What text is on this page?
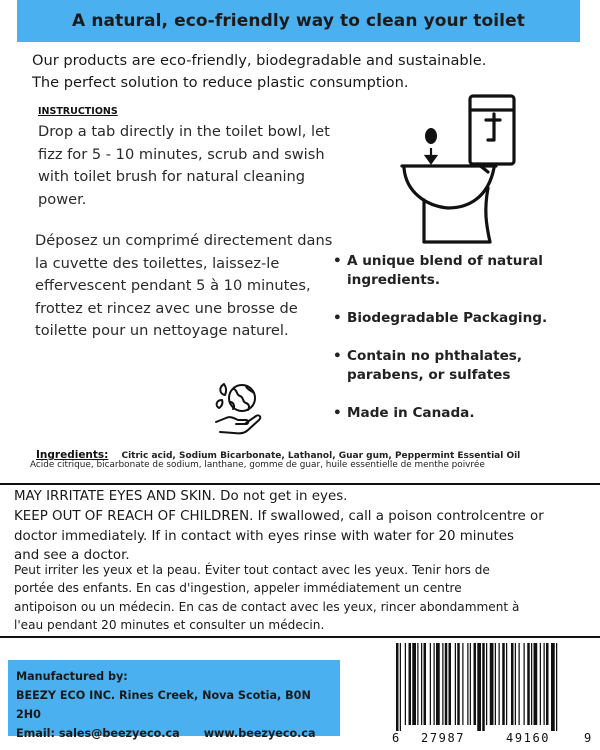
A natural, eco-friendly way to clean your toilet
Our products are eco-friendly, biodegradable and sustainable.
The perfect solution to reduce plastic consumption.
INSTRUCTIONS
Drop a tab directly in the toilet bowl, let fizz for 5 - 10 minutes, scrub and swish with toilet brush for natural cleaning power.
Déposez un comprimé directement dans la cuvette des toilettes, laissez-le effervescent pendant 5 à 10 minutes, frottez et rincez avec une brosse de toilette pour un nettoyage naturel.
• A unique blend of natural ingredients.
• Biodegradable Packaging.
• Contain no phthalates, parabens, or sulfates
• Made in Canada.
Ingredients: Citric acid, Sodium Bicarbonate, Lathanol, Guar gum, Peppermint Essential Oil
Acide citrique, bicarbonate de sodium, lanthane, gomme de guar, huile essentielle de menthe poivrée
MAY IRRITATE EYES AND SKIN. Do not get in eyes.
KEEP OUT OF REACH OF CHILDREN. If swallowed, call a poison controlcentre or
doctor immediately. If in contact with eyes rinse with water for 20 minutes
and see a doctor.
Peut irriter les yeux et la peau. Éviter tout contact avec les yeux. Tenir hors de
portée des enfants. En cas d'ingestion, appeler immédiatement un centre
antipoison ou un médecin. En cas de contact avec les yeux, rincer abondamment à
l'eau pendant 20 minutes et consulter un médecin.
Manufactured by:
BEEZY ECO INC. Rines Creek, Nova Scotia, B0N 2H0
Email: sales@beezyeco.ca www.beezyeco.ca	6 27987	49160	9
